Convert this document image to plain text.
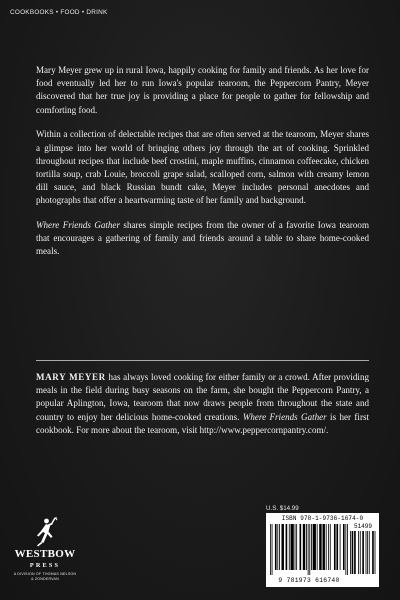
COOKBOOKS • FOOD • DRINK

Mary Meyer grew up in rural Iowa, happily cooking for family and friends. As her love for food eventually led her to run Iowa's popular tearoom, the Peppercorn Pantry, Meyer discovered that her true joy is providing a place for people to gather for fellowship and comforting food.

Within a collection of delectable recipes that are often served at the tearoom, Meyer shares a glimpse into her world of bringing others joy through the art of cooking. Sprinkled throughout recipes that include beef crostini, maple muffins, cinnamon coffeecake, chicken tortilla soup, crab Louie, broccoli grape salad, scalloped corn, salmon with creamy lemon dill sauce, and black Russian bundt cake, Meyer includes personal anecdotes and photographs that offer a heartwarming taste of her family and background.

Where Friends Gather shares simple recipes from the owner of a favorite Iowa tearoom that encourages a gathering of family and friends around a table to share home-cooked meals.

MARY MEYER has always loved cooking for either family or a crowd. After providing meals in the field during busy seasons on the farm, she bought the Peppercorn Pantry, a popular Aplington, Iowa, tearoom that now draws people from throughout the state and country to enjoy her delicious home-cooked creations. Where Friends Gather is her first cookbook. For more about the tearoom, visit http://www.peppercornpantry.com/.

U.S. $14.99
ISBN 978-1-9736-1674-0
51499
9 781973 616740
WESTBOW
PRESS
A DIVISION OF THOMAS NELSON
& ZONDERVAN
